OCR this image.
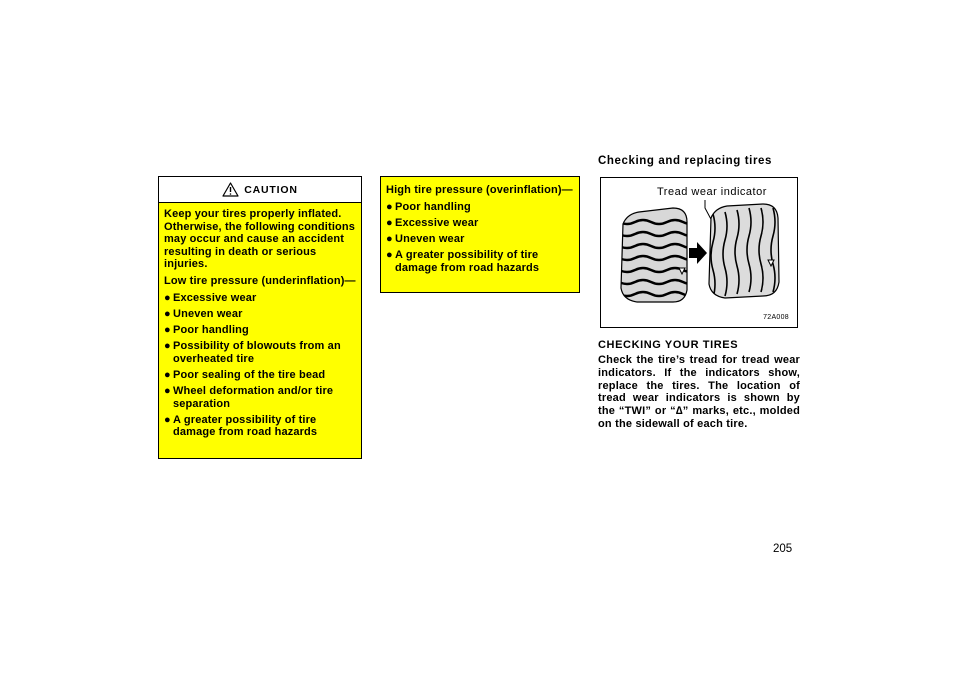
Checking and replacing tires
CAUTION
Keep your tires properly inflated. Otherwise, the following conditions may occur and cause an accident resulting in death or serious injuries.
Low tire pressure (underinflation)—
● Excessive wear
● Uneven wear
● Poor handling
● Possibility of blowouts from an overheated tire
● Poor sealing of the tire bead
● Wheel deformation and/or tire separation
● A greater possibility of tire damage from road hazards
High tire pressure (overinflation)—
● Poor handling
● Excessive wear
● Uneven wear
● A greater possibility of tire damage from road hazards
Tread wear indicator
72A008
CHECKING YOUR TIRES
Check the tire’s tread for tread wear indicators. If the indicators show, replace the tires. The location of tread wear indicators is shown by the “TWI” or “∆” marks, etc., molded on the sidewall of each tire.
205
